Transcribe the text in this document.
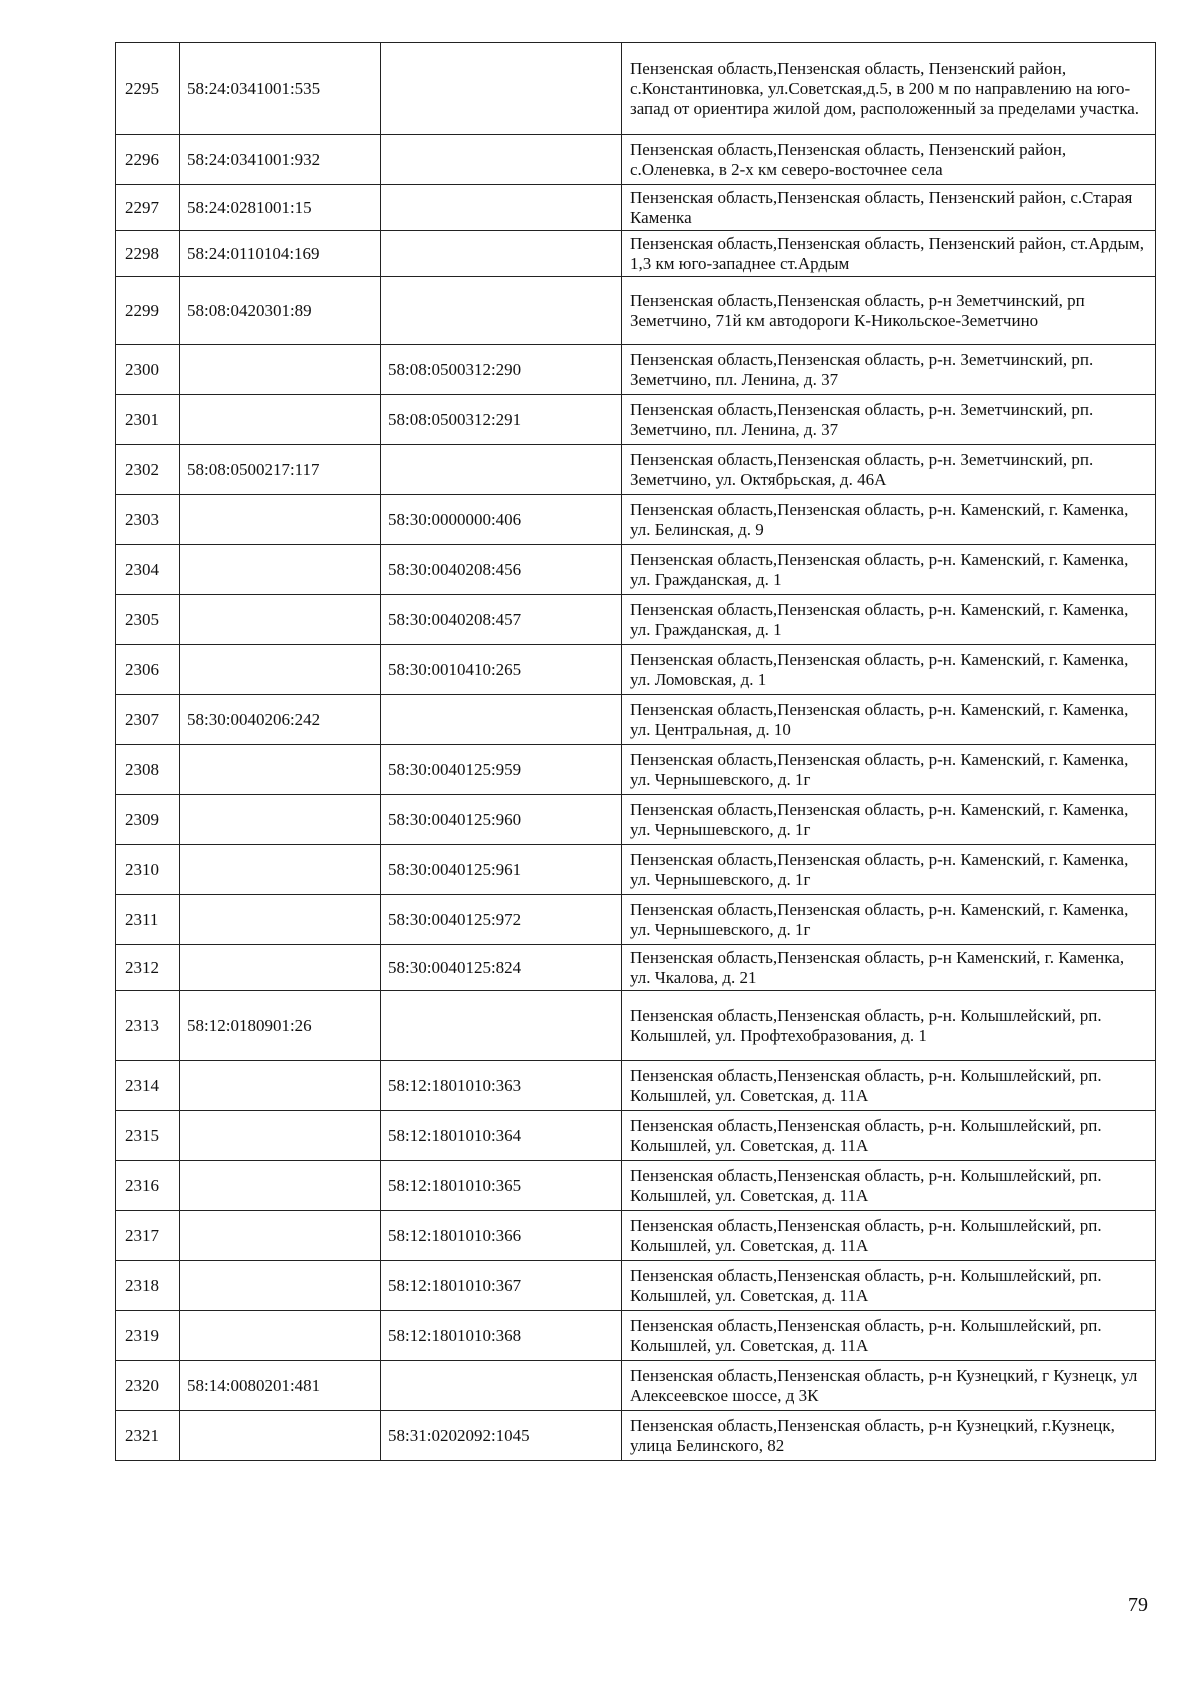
2295	58:24:0341001:535		Пензенская область,Пензенская область, Пензенский район, с.Константиновка, ул.Советская,д.5, в 200 м по направлению на юго-запад от ориентира жилой дом, расположенный за пределами участка.
2296	58:24:0341001:932		Пензенская область,Пензенская область, Пензенский район, с.Оленевка, в 2-х км северо-восточнее села
2297	58:24:0281001:15		Пензенская область,Пензенская область, Пензенский район, с.Старая Каменка
2298	58:24:0110104:169		Пензенская область,Пензенская область, Пензенский район, ст.Ардым, 1,3 км юго-западнее ст.Ардым
2299	58:08:0420301:89		Пензенская область,Пензенская область, р-н Земетчинский, рп Земетчино, 71й км автодороги К-Никольское-Земетчино
2300		58:08:0500312:290	Пензенская область,Пензенская область, р-н. Земетчинский, рп. Земетчино, пл. Ленина, д. 37
2301		58:08:0500312:291	Пензенская область,Пензенская область, р-н. Земетчинский, рп. Земетчино, пл. Ленина, д. 37
2302	58:08:0500217:117		Пензенская область,Пензенская область, р-н. Земетчинский, рп. Земетчино, ул. Октябрьская, д. 46А
2303		58:30:0000000:406	Пензенская область,Пензенская область, р-н. Каменский, г. Каменка, ул. Белинская, д. 9
2304		58:30:0040208:456	Пензенская область,Пензенская область, р-н. Каменский, г. Каменка, ул. Гражданская, д. 1
2305		58:30:0040208:457	Пензенская область,Пензенская область, р-н. Каменский, г. Каменка, ул. Гражданская, д. 1
2306		58:30:0010410:265	Пензенская область,Пензенская область, р-н. Каменский, г. Каменка, ул. Ломовская, д. 1
2307	58:30:0040206:242		Пензенская область,Пензенская область, р-н. Каменский, г. Каменка, ул. Центральная, д. 10
2308		58:30:0040125:959	Пензенская область,Пензенская область, р-н. Каменский, г. Каменка, ул. Чернышевского, д. 1г
2309		58:30:0040125:960	Пензенская область,Пензенская область, р-н. Каменский, г. Каменка, ул. Чернышевского, д. 1г
2310		58:30:0040125:961	Пензенская область,Пензенская область, р-н. Каменский, г. Каменка, ул. Чернышевского, д. 1г
2311		58:30:0040125:972	Пензенская область,Пензенская область, р-н. Каменский, г. Каменка, ул. Чернышевского, д. 1г
2312		58:30:0040125:824	Пензенская область,Пензенская область, р-н Каменский, г. Каменка, ул. Чкалова, д. 21
2313	58:12:0180901:26		Пензенская область,Пензенская область, р-н. Колышлейский, рп. Колышлей, ул. Профтехобразования, д. 1
2314		58:12:1801010:363	Пензенская область,Пензенская область, р-н. Колышлейский, рп. Колышлей, ул. Советская, д. 11А
2315		58:12:1801010:364	Пензенская область,Пензенская область, р-н. Колышлейский, рп. Колышлей, ул. Советская, д. 11А
2316		58:12:1801010:365	Пензенская область,Пензенская область, р-н. Колышлейский, рп. Колышлей, ул. Советская, д. 11А
2317		58:12:1801010:366	Пензенская область,Пензенская область, р-н. Колышлейский, рп. Колышлей, ул. Советская, д. 11А
2318		58:12:1801010:367	Пензенская область,Пензенская область, р-н. Колышлейский, рп. Колышлей, ул. Советская, д. 11А
2319		58:12:1801010:368	Пензенская область,Пензенская область, р-н. Колышлейский, рп. Колышлей, ул. Советская, д. 11А
2320	58:14:0080201:481		Пензенская область,Пензенская область, р-н Кузнецкий, г Кузнецк, ул Алексеевское шоссе, д 3К
2321		58:31:0202092:1045	Пензенская область,Пензенская область, р-н Кузнецкий, г.Кузнецк, улица Белинского, 82
79
